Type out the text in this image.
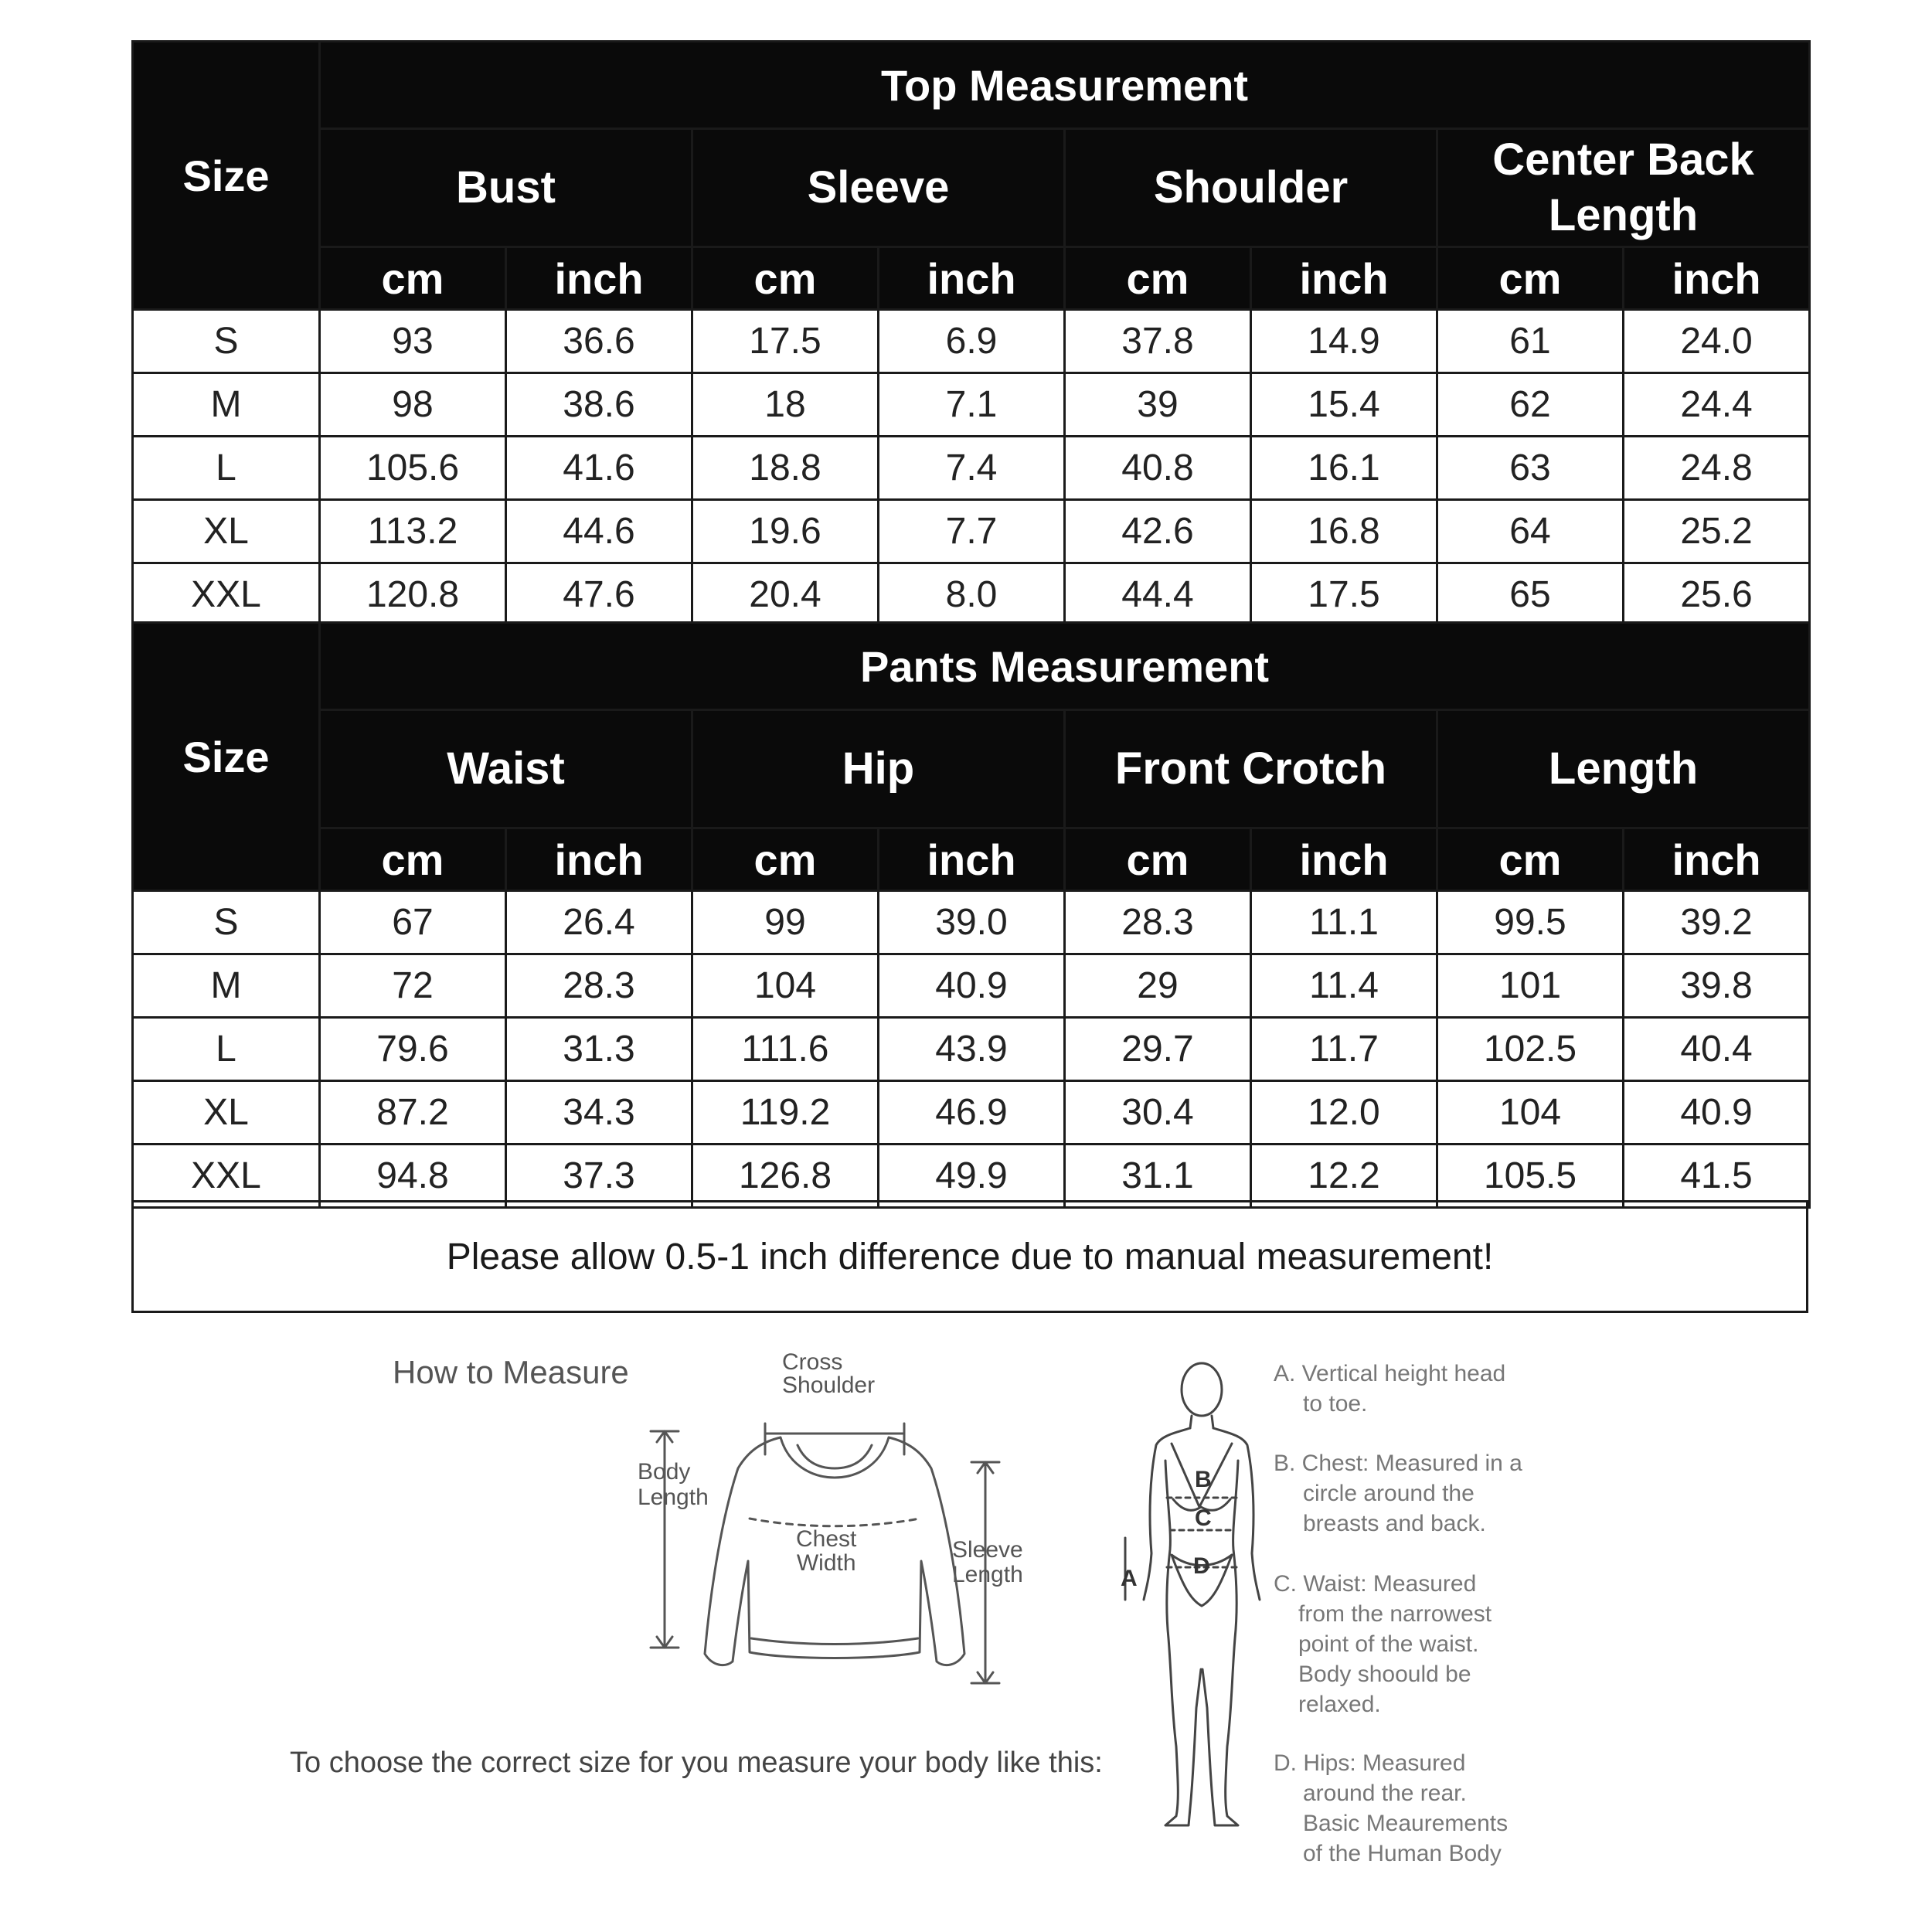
Size	Top Measurement							
	Bust		Sleeve		Shoulder		Center Back Length	
	cm	inch	cm	inch	cm	inch	cm	inch
S	93	36.6	17.5	6.9	37.8	14.9	61	24.0
M	98	38.6	18	7.1	39	15.4	62	24.4
L	105.6	41.6	18.8	7.4	40.8	16.1	63	24.8
XL	113.2	44.6	19.6	7.7	42.6	16.8	64	25.2
XXL	120.8	47.6	20.4	8.0	44.4	17.5	65	25.6
Size	Pants Measurement							
	Waist		Hip		Front Crotch		Length	
	cm	inch	cm	inch	cm	inch	cm	inch
S	67	26.4	99	39.0	28.3	11.1	99.5	39.2
M	72	28.3	104	40.9	29	11.4	101	39.8
L	79.6	31.3	111.6	43.9	29.7	11.7	102.5	40.4
XL	87.2	34.3	119.2	46.9	30.4	12.0	104	40.9
XXL	94.8	37.3	126.8	49.9	31.1	12.2	105.5	41.5
Please allow 0.5-1 inch difference due to manual measurement!
How to Measure
To choose the correct size for you measure your body like this:
Cross
Shoulder
Body
Length
Chest
Width
Sleeve
Length
B
C
D
A
A. Vertical height head
to toe.
B. Chest: Measured in a
circle around the
breasts and back.
C. Waist: Measured
from the narrowest
point of the waist.
Body shoould be
relaxed.
D. Hips: Measured
around the rear.
Basic Meaurements
of the Human Body
